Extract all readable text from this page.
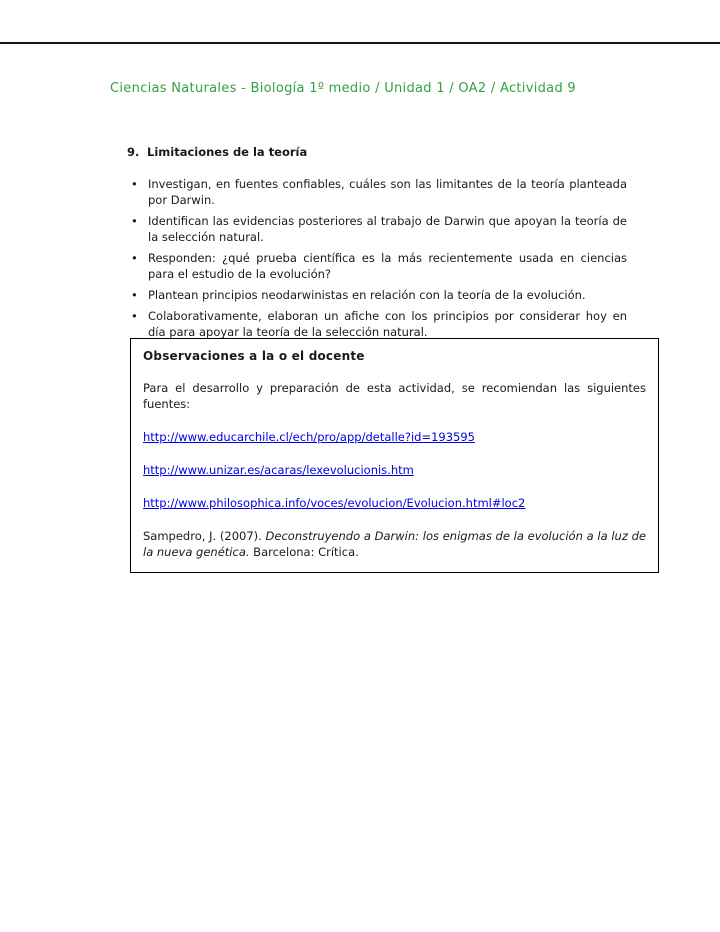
Ciencias Naturales - Biología 1º medio / Unidad 1 / OA2 / Actividad 9
9. Limitaciones de la teoría
• Investigan, en fuentes confiables, cuáles son las limitantes de la teoría planteada por Darwin.
• Identifican las evidencias posteriores al trabajo de Darwin que apoyan la teoría de la selección natural.
• Responden: ¿qué prueba científica es la más recientemente usada en ciencias para el estudio de la evolución?
• Plantean principios neodarwinistas en relación con la teoría de la evolución.
• Colaborativamente, elaboran un afiche con los principios por considerar hoy en día para apoyar la teoría de la selección natural.
Observaciones a la o el docente
Para el desarrollo y preparación de esta actividad, se recomiendan las siguientes fuentes:
http://www.educarchile.cl/ech/pro/app/detalle?id=193595
http://www.unizar.es/acaras/lexevolucionis.htm
http://www.philosophica.info/voces/evolucion/Evolucion.html#loc2
Sampedro, J. (2007). Deconstruyendo a Darwin: los enigmas de la evolución a la luz de la nueva genética. Barcelona: Crítica.
